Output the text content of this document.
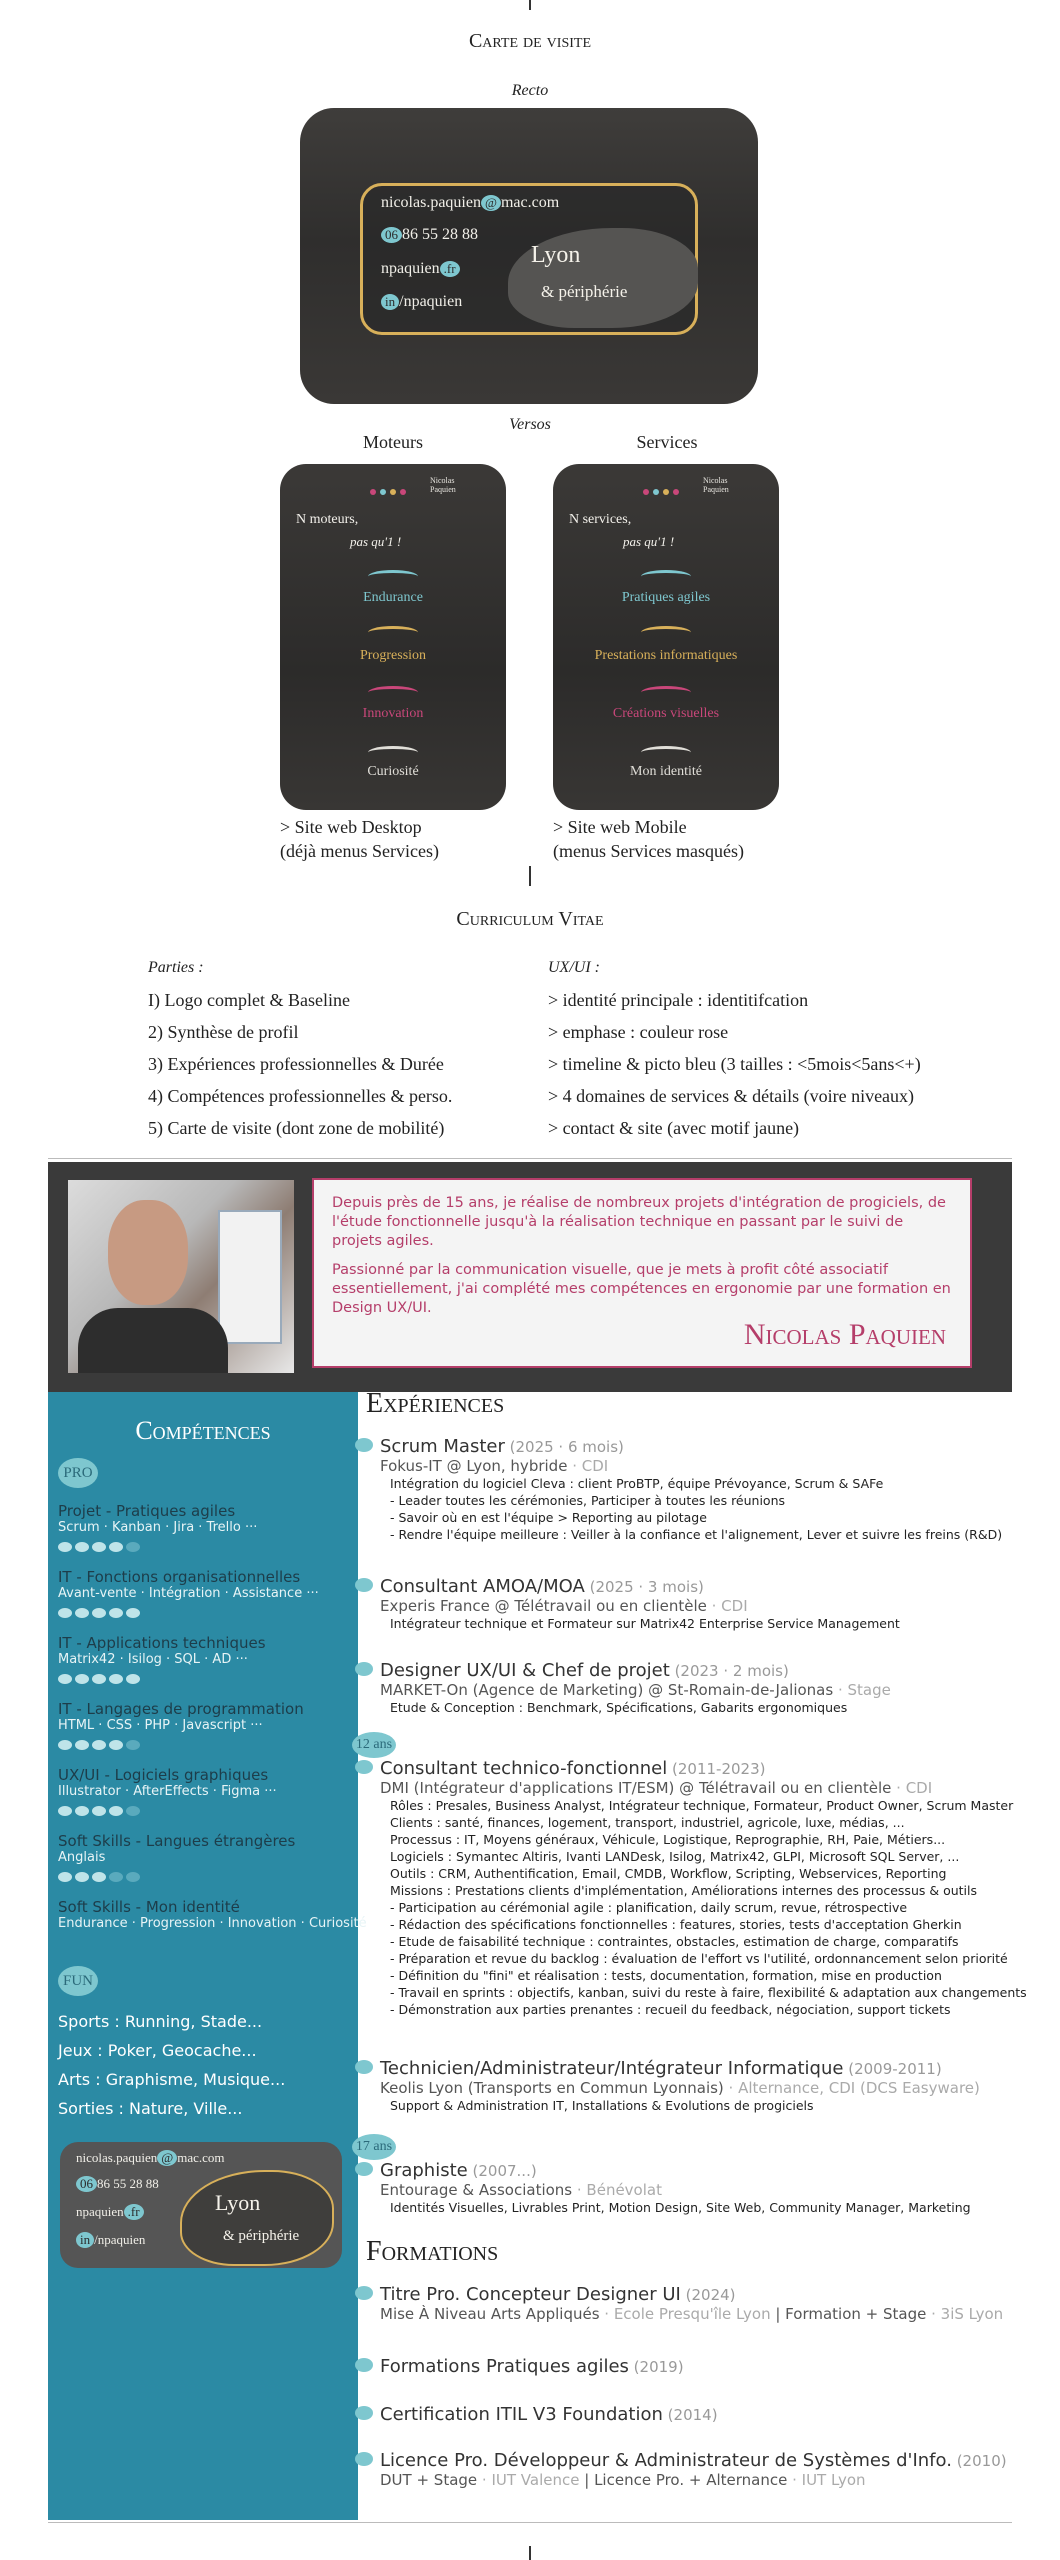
Carte de visite
Recto
nicolas.paquien @ mac.com
06 86 55 28 88
npaquien .fr
in /npaquien
Lyon
& périphérie
Versos
Moteurs	Services
Nicolas Paquien
N moteurs,
pas qu'1 !
Endurance
Progression
Innovation
Curiosité
Nicolas Paquien
N services,
pas qu'1 !
Pratiques agiles
Prestations informatiques
Créations visuelles
Mon identité
> Site web Desktop
(déjà menus Services)
> Site web Mobile
(menus Services masqués)
Curriculum Vitae
Parties :
I) Logo complet & Baseline
2) Synthèse de profil
3) Expériences professionnelles & Durée
4) Compétences professionnelles & perso.
5) Carte de visite (dont zone de mobilité)
UX/UI :
> identité principale : identitifcation
> emphase : couleur rose
> timeline & picto bleu (3 tailles : <5mois<5ans<+)
> 4 domaines de services & détails (voire niveaux)
> contact & site (avec motif jaune)

Depuis près de 15 ans, je réalise de nombreux projets d'intégration de progiciels, de l'étude fonctionnelle jusqu'à la réalisation technique en passant par le suivi de projets agiles.

Passionné par la communication visuelle, que je mets à profit côté associatif essentiellement, j'ai complété mes compétences en ergonomie par une formation en Design UX/UI.

Nicolas Paquien
Compétences
PRO
Projet - Pratiques agiles
Scrum · Kanban · Jira · Trello ···
IT - Fonctions organisationnelles
Avant-vente · Intégration · Assistance ···
IT - Applications techniques
Matrix42 · Isilog · SQL · AD ···
IT - Langages de programmation
HTML · CSS · PHP · Javascript ···
UX/UI - Logiciels graphiques
Illustrator · AfterEffects · Figma ···
Soft Skills - Langues étrangères
Anglais
Soft Skills - Mon identité
Endurance · Progression · Innovation · Curiosité
FUN
Sports : Running, Stade...
Jeux : Poker, Geocache...
Arts : Graphisme, Musique...
Sorties : Nature, Ville...
nicolas.paquien @ mac.com
06 86 55 28 88
npaquien .fr
in /npaquien
Lyon
& périphérie
Expériences
Scrum Master (2025 · 6 mois)
Fokus-IT @ Lyon, hybride · CDI
Intégration du logiciel Cleva : client ProBTP, équipe Prévoyance, Scrum & SAFe
- Leader toutes les cérémonies, Participer à toutes les réunions
- Savoir où en est l'équipe > Reporting au pilotage
- Rendre l'équipe meilleure : Veiller à la confiance et l'alignement, Lever et suivre les freins (R&D)
Consultant AMOA/MOA (2025 · 3 mois)
Experis France @ Télétravail ou en clientèle · CDI
Intégrateur technique et Formateur sur Matrix42 Enterprise Service Management
Designer UX/UI & Chef de projet (2023 · 2 mois)
MARKET-On (Agence de Marketing) @ St-Romain-de-Jalionas · Stage
Etude & Conception : Benchmark, Spécifications, Gabarits ergonomiques
Consultant technico-fonctionnel (2011-2023)
DMI (Intégrateur d'applications IT/ESM) @ Télétravail ou en clientèle · CDI
Rôles : Presales, Business Analyst, Intégrateur technique, Formateur, Product Owner, Scrum Master
Clients : santé, finances, logement, transport, industriel, agricole, luxe, médias, ...
Processus : IT, Moyens généraux, Véhicule, Logistique, Reprographie, RH, Paie, Métiers...
Logiciels : Symantec Altiris, Ivanti LANDesk, Isilog, Matrix42, GLPI, Microsoft SQL Server, ...
Outils : CRM, Authentification, Email, CMDB, Workflow, Scripting, Webservices, Reporting
Missions : Prestations clients d'implémentation, Améliorations internes des processus & outils
- Participation au cérémonial agile : planification, daily scrum, revue, rétrospective
- Rédaction des spécifications fonctionnelles : features, stories, tests d'acceptation Gherkin
- Etude de faisabilité technique : contraintes, obstacles, estimation de charge, comparatifs
- Préparation et revue du backlog : évaluation de l'effort vs l'utilité, ordonnancement selon priorité
- Définition du "fini" et réalisation : tests, documentation, formation, mise en production
- Travail en sprints : objectifs, kanban, suivi du reste à faire, flexibilité & adaptation aux changements
- Démonstration aux parties prenantes : recueil du feedback, négociation, support tickets
Technicien/Administrateur/Intégrateur Informatique (2009-2011)
Keolis Lyon (Transports en Commun Lyonnais) · Alternance, CDI (DCS Easyware)
Support & Administration IT, Installations & Evolutions de progiciels
Graphiste (2007...)
Entourage & Associations · Bénévolat
Identités Visuelles, Livrables Print, Motion Design, Site Web, Community Manager, Marketing
12 ans
17 ans
Formations
Titre Pro. Concepteur Designer UI (2024)
Mise À Niveau Arts Appliqués · Ecole Presqu'île Lyon | Formation + Stage · 3iS Lyon
Formations Pratiques agiles (2019)
Certification ITIL V3 Foundation (2014)
Licence Pro. Développeur & Administrateur de Systèmes d'Info. (2010)
DUT + Stage · IUT Valence | Licence Pro. + Alternance · IUT Lyon
